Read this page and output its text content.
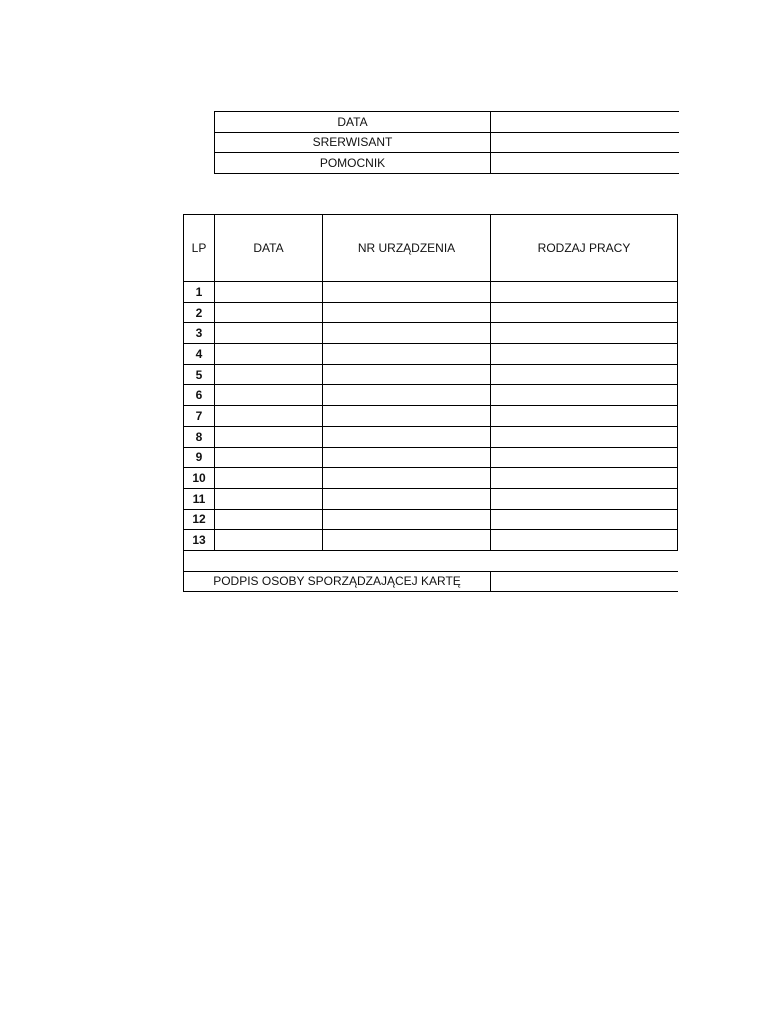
DATA	
SRERWISANT	
POMOCNIK	
LP	DATA	NR URZĄDZENIA	RODZAJ PRACY
1			
2			
3			
4			
5			
6			
7			
8			
9			
10			
11			
12			
13			

PODPIS OSOBY SPORZĄDZAJĄCEJ KARTĘ			
